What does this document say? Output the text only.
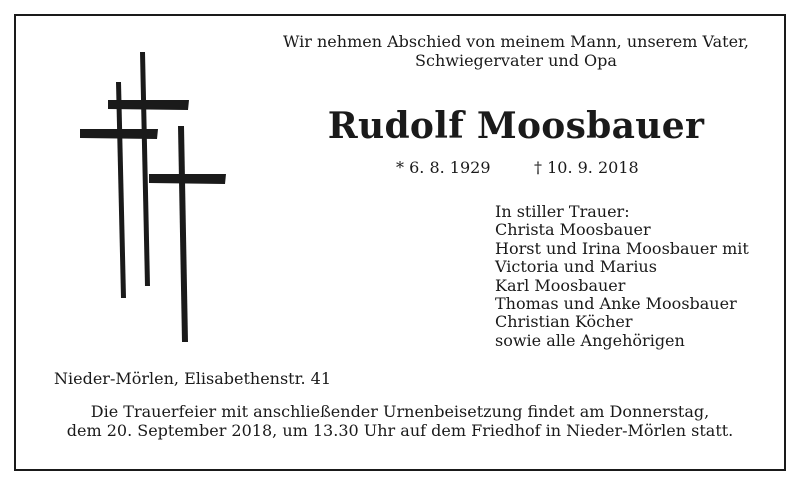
Wir nehmen Abschied von meinem Mann, unserem Vater,
Schwiegervater und Opa
Rudolf Moosbauer
* 6. 8. 1929	† 10. 9. 2018
In stiller Trauer:
Christa Moosbauer
Horst und Irina Moosbauer mit
Victoria und Marius
Karl Moosbauer
Thomas und Anke Moosbauer
Christian Köcher
sowie alle Angehörigen
Nieder-Mörlen, Elisabethenstr. 41
Die Trauerfeier mit anschließender Urnenbeisetzung findet am Donnerstag,
dem 20. September 2018, um 13.30 Uhr auf dem Friedhof in Nieder-Mörlen statt.
